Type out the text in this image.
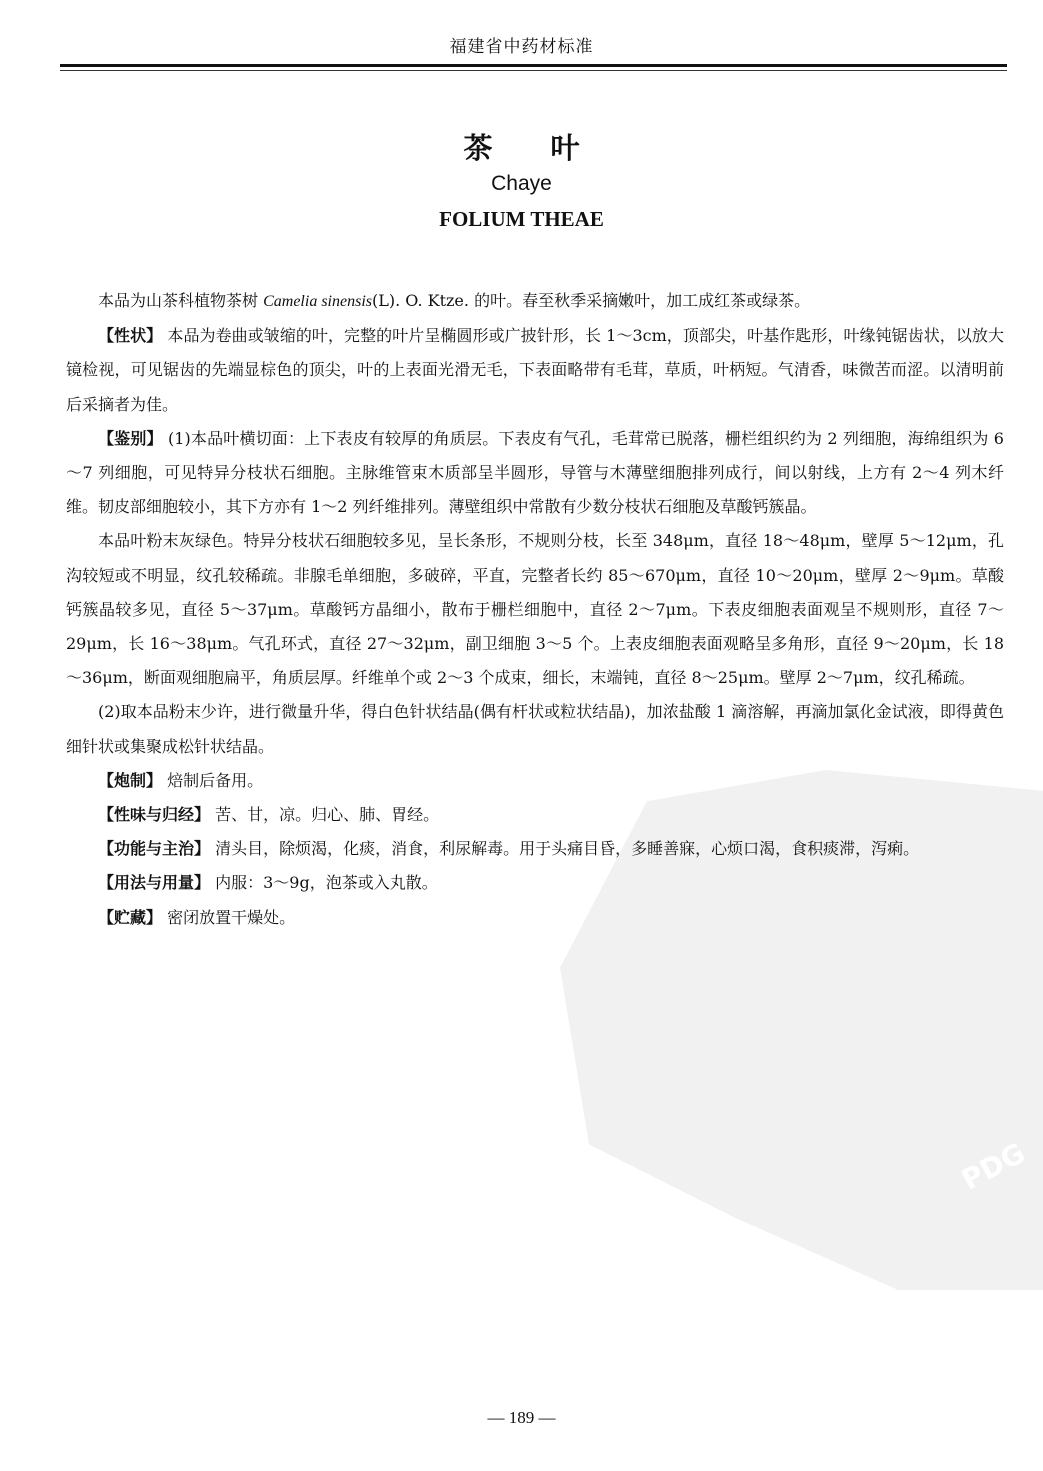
福建省中药材标准
茶 叶
Chaye
FOLIUM THEAE
PDG

本品为山茶科植物茶树 Camelia sinensis(L). O. Ktze. 的叶。春至秋季采摘嫩叶，加工成红茶或绿茶。

【性状】 本品为卷曲或皱缩的叶，完整的叶片呈椭圆形或广披针形，长 1～3cm，顶部尖，叶基作匙形，叶缘钝锯齿状，以放大镜检视，可见锯齿的先端显棕色的顶尖，叶的上表面光滑无毛，下表面略带有毛茸，草质，叶柄短。气清香，味微苦而涩。以清明前后采摘者为佳。

【鉴别】 (1)本品叶横切面：上下表皮有较厚的角质层。下表皮有气孔，毛茸常已脱落，栅栏组织约为 2 列细胞，海绵组织为 6～7 列细胞，可见特异分枝状石细胞。主脉维管束木质部呈半圆形，导管与木薄壁细胞排列成行，间以射线，上方有 2～4 列木纤维。韧皮部细胞较小，其下方亦有 1～2 列纤维排列。薄壁组织中常散有少数分枝状石细胞及草酸钙簇晶。

本品叶粉末灰绿色。特异分枝状石细胞较多见，呈长条形，不规则分枝，长至 348μm，直径 18～48μm，壁厚 5～12μm，孔沟较短或不明显，纹孔较稀疏。非腺毛单细胞，多破碎，平直，完整者长约 85～670μm，直径 10～20μm，壁厚 2～9μm。草酸钙簇晶较多见，直径 5～37μm。草酸钙方晶细小，散布于栅栏细胞中，直径 2～7μm。下表皮细胞表面观呈不规则形，直径 7～29μm，长 16～38μm。气孔环式，直径 27～32μm，副卫细胞 3～5 个。上表皮细胞表面观略呈多角形，直径 9～20μm，长 18～36μm，断面观细胞扁平，角质层厚。纤维单个或 2～3 个成束，细长，末端钝，直径 8～25μm。壁厚 2～7μm，纹孔稀疏。

(2)取本品粉末少许，进行微量升华，得白色针状结晶(偶有杆状或粒状结晶)，加浓盐酸 1 滴溶解，再滴加氯化金试液，即得黄色细针状或集聚成松针状结晶。

【炮制】 焙制后备用。

【性味与归经】 苦、甘，凉。归心、肺、胃经。

【功能与主治】 清头目，除烦渴，化痰，消食，利尿解毒。用于头痛目昏，多睡善寐，心烦口渴，食积痰滞，泻痢。

【用法与用量】 内服：3～9g，泡茶或入丸散。

【贮藏】 密闭放置干燥处。

— 189 —
